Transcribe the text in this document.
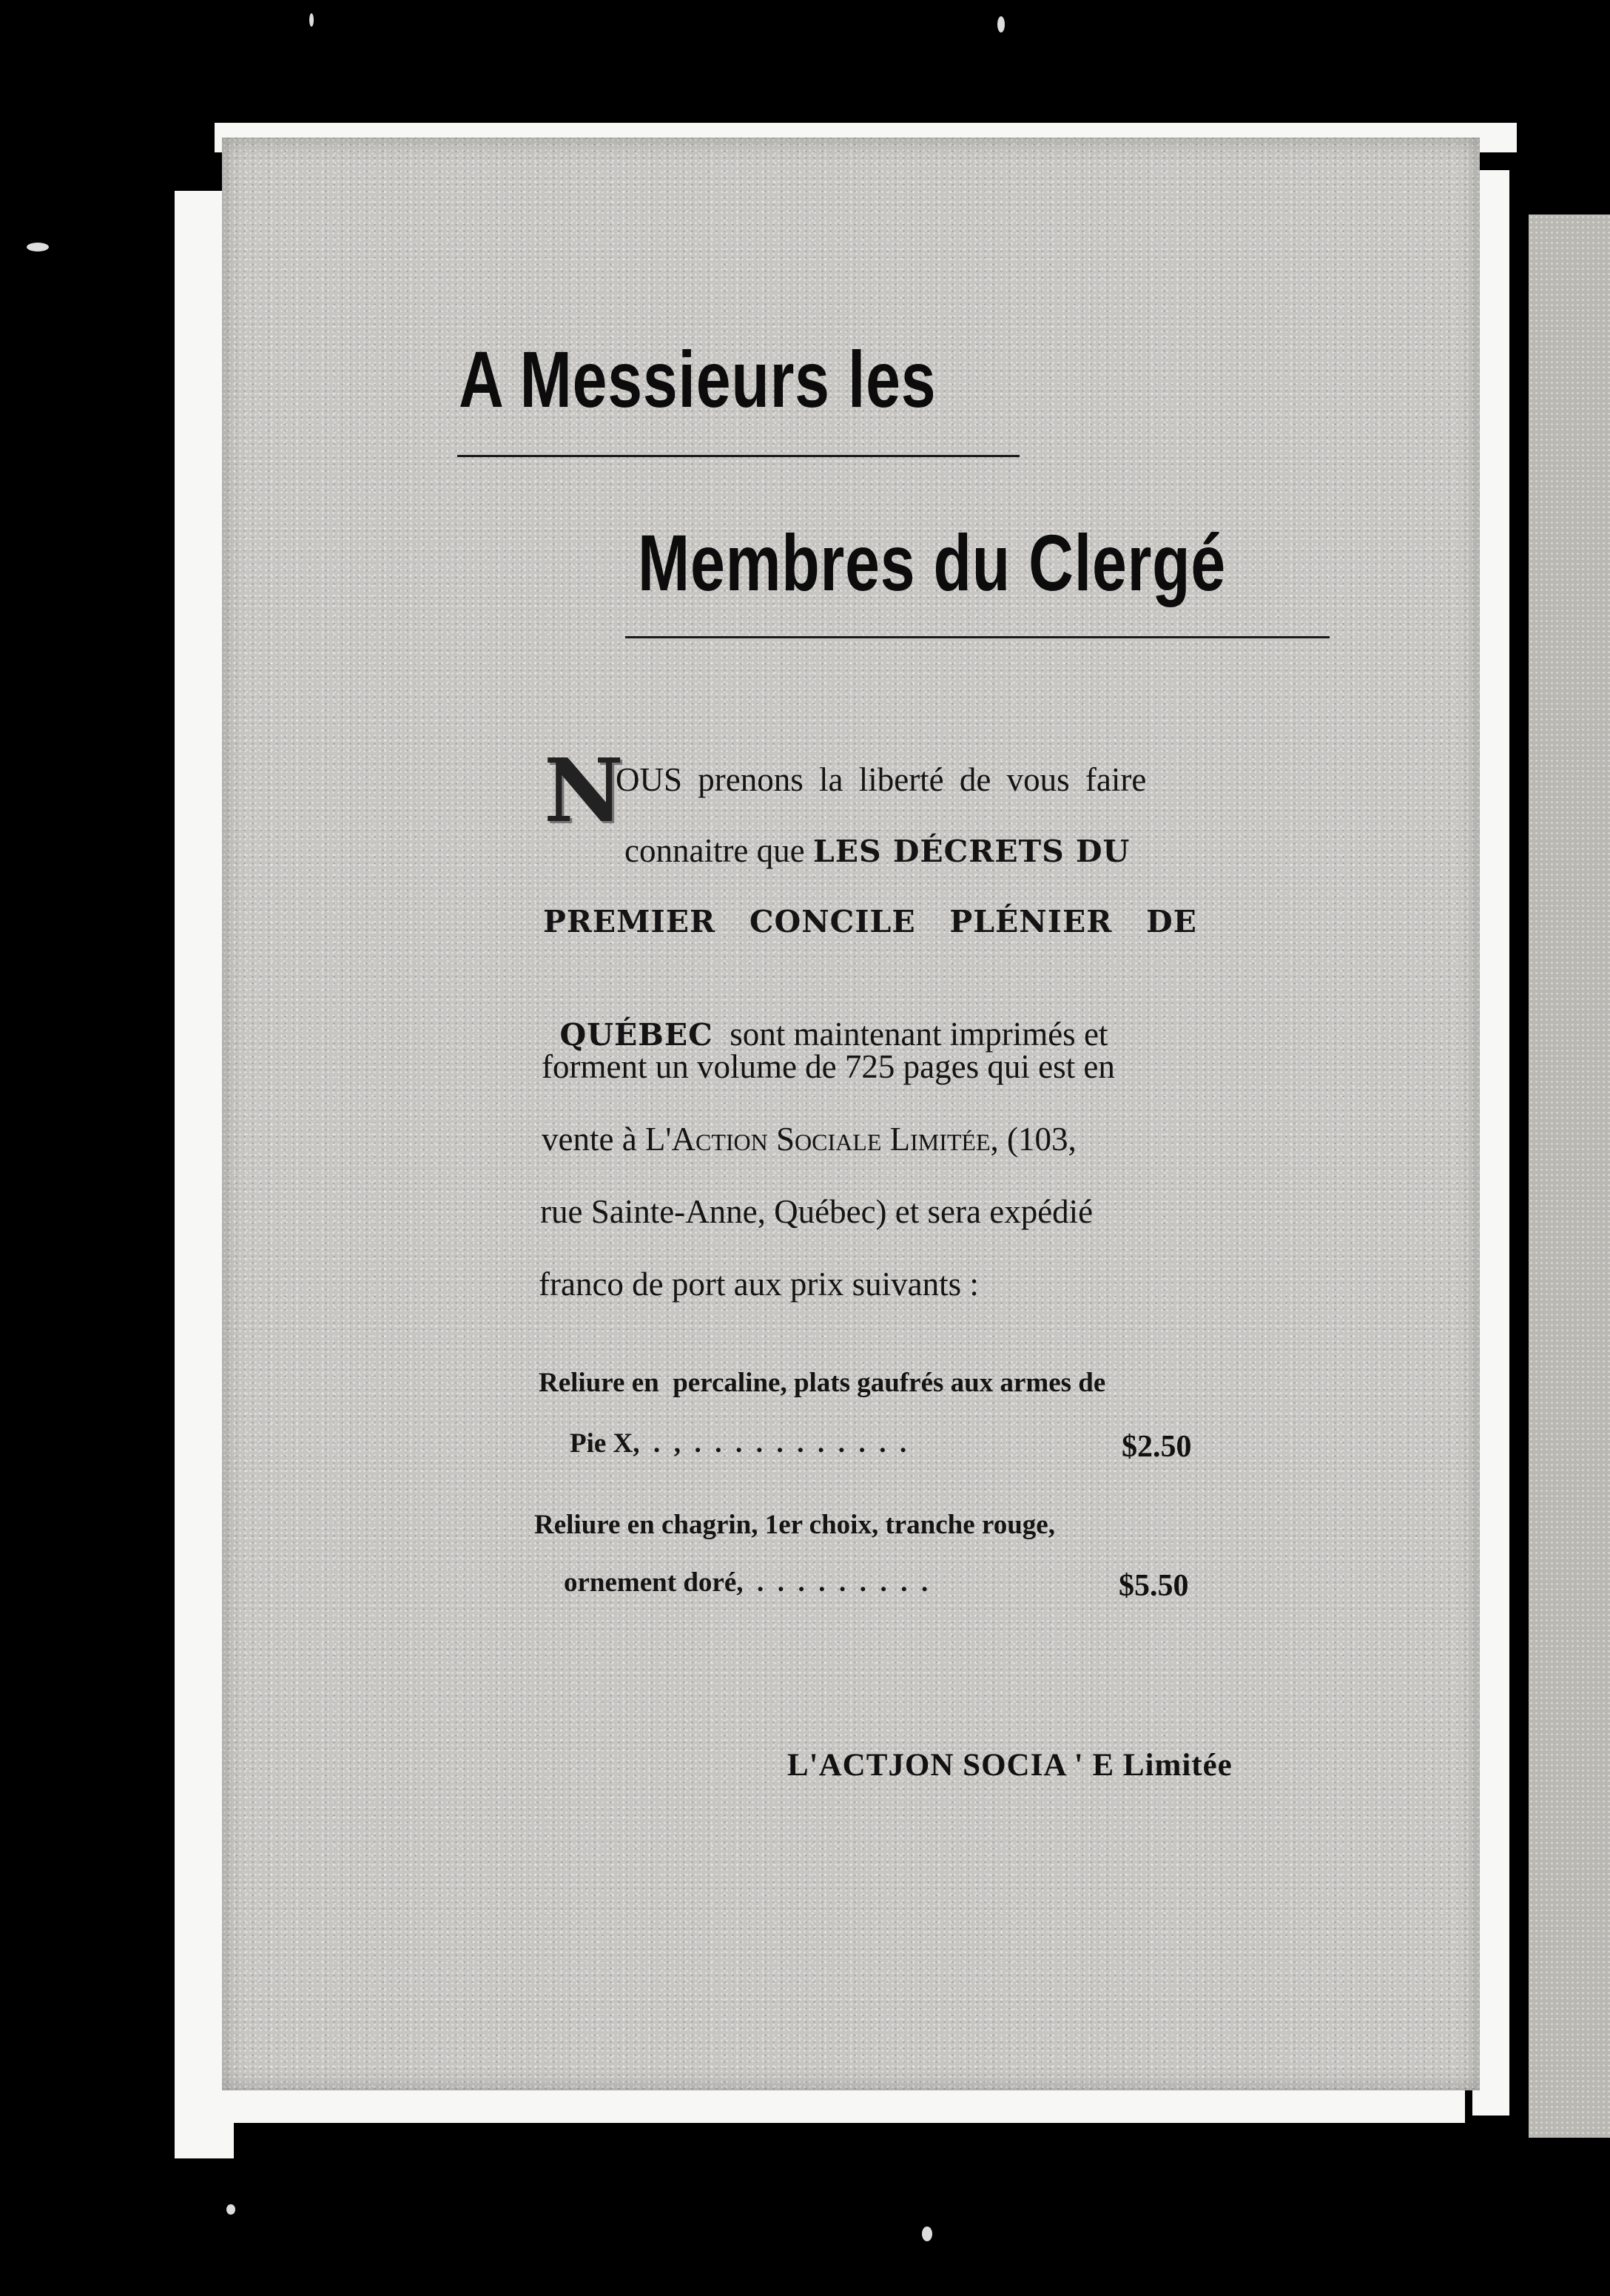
A Messieurs les
Membres du Clergé
N
OUS prenons la liberté de vous faire
connaitre que LES DÉCRETS DU
PREMIER   CONCILE   PLÉNIER   DE

QUÉBEC  sont maintenant imprimés et

forment un volume de 725 pages qui est en
vente à L'Action Sociale Limitée, (103,
rue Sainte-Anne, Québec) et sera expédié
franco de port aux prix suivants :
Reliure en  percaline, plats gaufrés aux armes de
Pie X,  .  ,  .  .  .  .  .  .  .  .  .  .  .	$2.50
Reliure en chagrin, 1er choix, tranche rouge,
ornement doré,  .  .  .  .  .  .  .  .  .	$5.50
L'ACTJON SOCIA ' E Limitée
